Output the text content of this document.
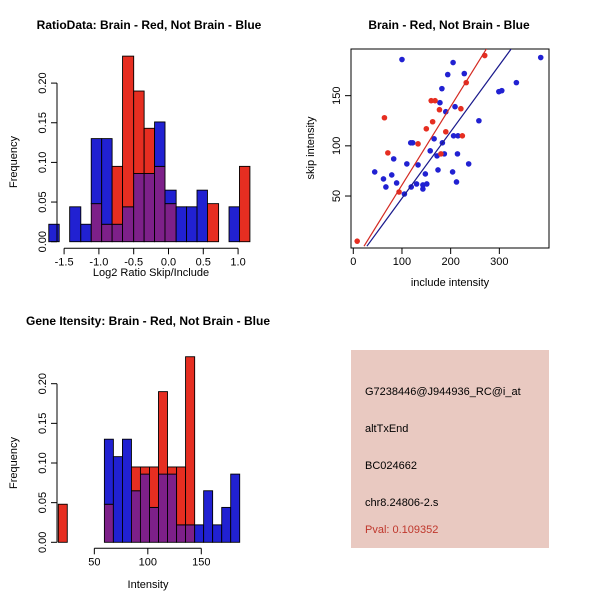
RatioData: Brain - Red, Not Brain - Blue
Log2 Ratio Skip/Include
Frequency
0.00
0.05
0.10
0.15
0.20
-1.5 -1.0 -0.5 0.0 0.5 1.0
Brain - Red, Not Brain - Blue
include intensity
skip intensity
0	100	200	300
50
100
150
Gene Itensity: Brain - Red, Not Brain - Blue
Intensity
Frequency
0.00
0.05
0.10
0.15
0.20
50	100	150
G7238446@J944936_RC@i_at
altTxEnd
BC024662
chr8.24806-2.s
Pval: 0.109352
